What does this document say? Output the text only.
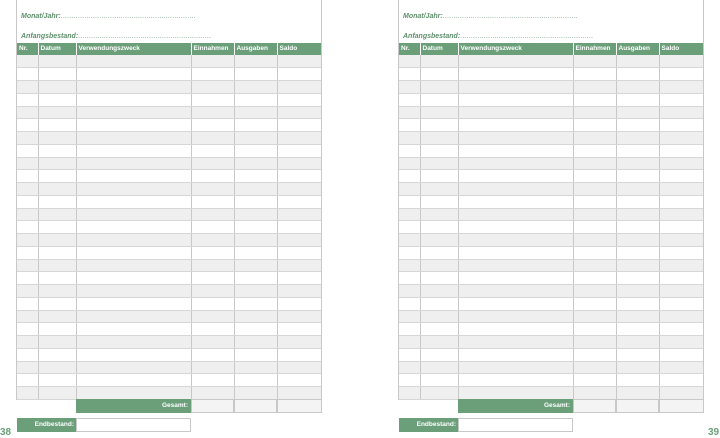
Monat/Jahr:...............................................................
Anfangsbestand:..............................................................
Nr.	Datum	Verwendungszweck	Einnahmen	Ausgaben	Saldo

Gesamt:
Endbestand:
38
Monat/Jahr:...............................................................
Anfangsbestand:..............................................................
Nr.	Datum	Verwendungszweck	Einnahmen	Ausgaben	Saldo

Gesamt:
Endbestand:
39
